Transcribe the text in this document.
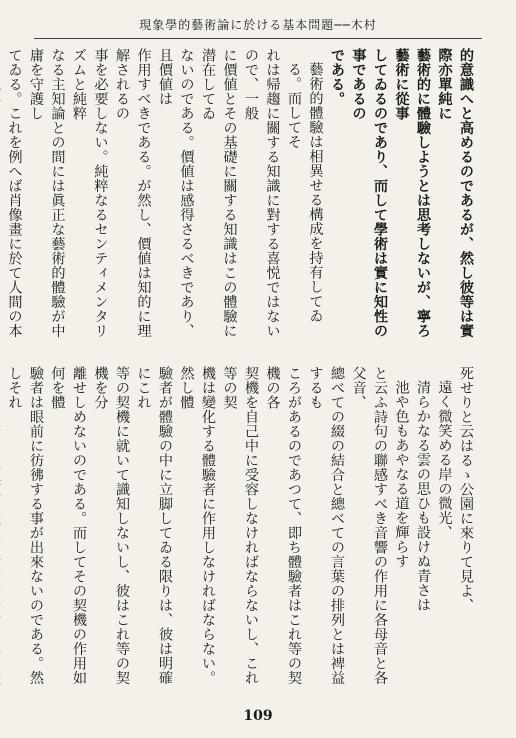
現象學的藝術論に於ける基本問題──木村

的意識へと高めるのであるが、然し彼等は實際亦單純に

藝術的に體驗しようとは思考しないが、寧ろ藝術に從事

してゐるのであり、而して學術は實に知性の事であるの

である。

藝術的體驗は相異せる構成を持有してゐる。而してそ

れは帰趨に關する知識に對する喜悦ではないので、一般

に價値とその基礎に關する知識はこの體驗に潜在してゐ

ないのである。價値は感得さるべきであり、且價値は

作用すべきである。が然し、價値は知的に理解されるの

事を必要しない。純粹なるセンティメンタリズムと純粹

なる主知論との間には眞正な藝術的體驗が中庸を守護し

てゐる。これを例へば肖像畫に於て人間の本

死せりと云はるゝ公園に來りて見よ、

遠く微笑める岸の微光、

清らかなる雲の思ひも設けぬ青さは

池や色もあやなる道を輝らす

と云ふ詩句の聯感すべき音響の作用に各母音と各父音、

總べての綴の結合と總べての言葉の排列とは裨益するも

ころがあるのであつて、即ち體驗者はこれ等の契機の各

契機を自己中に受容しなければならないし、これ等の契

機は變化する體驗者に作用しなければならない。然し體

驗者が體驗の中に立脚してゐる限りは、彼は明確にこれ

等の契機に就いて識知しないし、彼はこれ等の契機を分

離せしめないのである。而してその契機の作用如何を體

驗者は眼前に彷彿する事が出來ないのである。然しそれ

109
